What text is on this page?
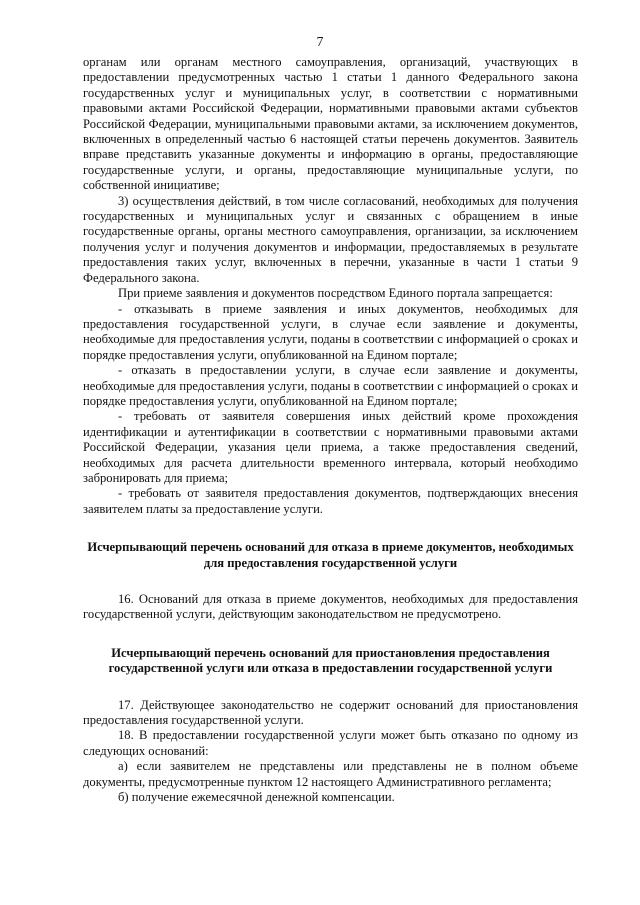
7

органам или органам местного самоуправления, организаций, участвующих в предоставлении предусмотренных частью 1 статьи 1 данного Федерального закона государственных услуг и муниципальных услуг, в соответствии с нормативными правовыми актами Российской Федерации, нормативными правовыми актами субъектов Российской Федерации, муниципальными правовыми актами, за исключением документов, включенных в определенный частью 6 настоящей статьи перечень документов. Заявитель вправе представить указанные документы и информацию в органы, предоставляющие государственные услуги, и органы, предоставляющие муниципальные услуги, по собственной инициативе;

3) осуществления действий, в том числе согласований, необходимых для получения государственных и муниципальных услуг и связанных с обращением в иные государственные органы, органы местного самоуправления, организации, за исключением получения услуг и получения документов и информации, предоставляемых в результате предоставления таких услуг, включенных в перечни, указанные в части 1 статьи 9 Федерального закона.

При приеме заявления и документов посредством Единого портала запрещается:

- отказывать в приеме заявления и иных документов, необходимых для предоставления государственной услуги, в случае если заявление и документы, необходимые для предоставления услуги, поданы в соответствии с информацией о сроках и порядке предоставления услуги, опубликованной на Едином портале;

- отказать в предоставлении услуги, в случае если заявление и документы, необходимые для предоставления услуги, поданы в соответствии с информацией о сроках и порядке предоставления услуги, опубликованной на Едином портале;

- требовать от заявителя совершения иных действий кроме прохождения идентификации и аутентификации в соответствии с нормативными правовыми актами Российской Федерации, указания цели приема, а также предоставления сведений, необходимых для расчета длительности временного интервала, который необходимо забронировать для приема;

- требовать от заявителя предоставления документов, подтверждающих внесения заявителем платы за предоставление услуги.

Исчерпывающий перечень оснований для отказа в приеме документов, необходимых для предоставления государственной услуги

16. Оснований для отказа в приеме документов, необходимых для предоставления государственной услуги, действующим законодательством не предусмотрено.

Исчерпывающий перечень оснований для приостановления предоставления государственной услуги или отказа в предоставлении государственной услуги

17. Действующее законодательство не содержит оснований для приостановления предоставления государственной услуги.

18. В предоставлении государственной услуги может быть отказано по одному из следующих оснований:

а) если заявителем не представлены или представлены не в полном объеме документы, предусмотренные пунктом 12 настоящего Административного регламента;

б) получение ежемесячной денежной компенсации.
